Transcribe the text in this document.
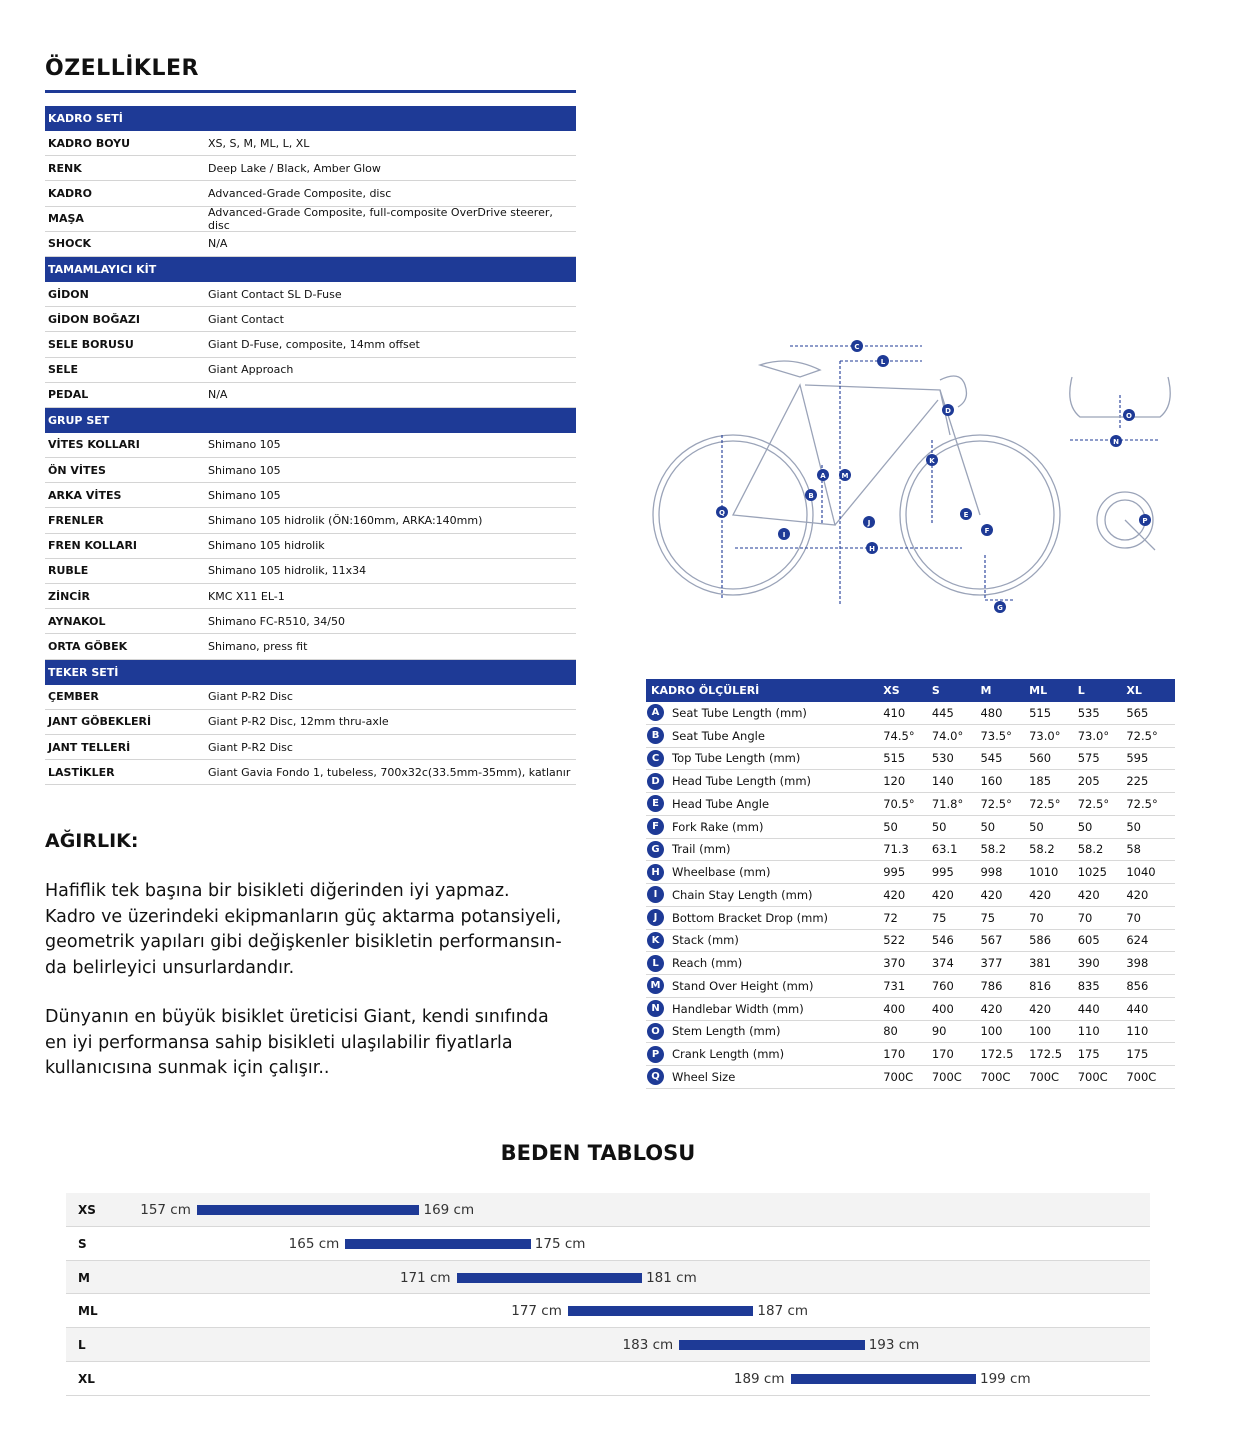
ÖZELLİKLER
KADRO SETİ
KADRO BOYU	XS, S, M, ML, L, XL
RENK	Deep Lake / Black, Amber Glow
KADRO	Advanced-Grade Composite, disc
MAŞA	Advanced-Grade Composite, full-composite OverDrive steerer, disc
SHOCK	N/A
TAMAMLAYICI KİT
GİDON	Giant Contact SL D-Fuse
GİDON BOĞAZI	Giant Contact
SELE BORUSU	Giant D-Fuse, composite, 14mm offset
SELE	Giant Approach
PEDAL	N/A
GRUP SET
VİTES KOLLARI	Shimano 105
ÖN VİTES	Shimano 105
ARKA VİTES	Shimano 105
FRENLER	Shimano 105 hidrolik (ÖN:160mm, ARKA:140mm)
FREN KOLLARI	Shimano 105 hidrolik
RUBLE	Shimano 105 hidrolik, 11x34
ZİNCİR	KMC X11 EL-1
AYNAKOL	Shimano FC-R510, 34/50
ORTA GÖBEK	Shimano, press fit
TEKER SETİ
ÇEMBER	Giant P-R2 Disc
JANT GÖBEKLERİ	Giant P-R2 Disc, 12mm thru-axle
JANT TELLERİ	Giant P-R2 Disc
LASTİKLER	Giant Gavia Fondo 1, tubeless, 700x32c(33.5mm-35mm), katlanır
AĞIRLIK:
Hafiflik tek başına bir bisikleti diğerinden iyi yapmaz.
Kadro ve üzerindeki ekipmanların güç aktarma potansiyeli,
geometrik yapıları gibi değişkenler bisikletin performansın-
da belirleyici unsurlardandır.
Dünyanın en büyük bisiklet üreticisi Giant, kendi sınıfında
en iyi performansa sahip bisikleti ulaşılabilir fiyatlarla
kullanıcısına sunmak için çalışır..
C
L
D
O
N
A M
K
B
Q
J
E
F
I
H
G
P
KADRO ÖLÇÜLERİ	XS	S	M	ML	L	XL
A	Seat Tube Length (mm)	410	445	480	515	535	565
B	Seat Tube Angle	74.5°	74.0°	73.5°	73.0°	73.0°	72.5°
C	Top Tube Length (mm)	515	530	545	560	575	595
D	Head Tube Length (mm)	120	140	160	185	205	225
E	Head Tube Angle	70.5°	71.8°	72.5°	72.5°	72.5°	72.5°
F	Fork Rake (mm)	50	50	50	50	50	50
G	Trail (mm)	71.3	63.1	58.2	58.2	58.2	58
H	Wheelbase (mm)	995	995	998	1010	1025	1040
I	Chain Stay Length (mm)	420	420	420	420	420	420
J	Bottom Bracket Drop (mm)	72	75	75	70	70	70
K	Stack (mm)	522	546	567	586	605	624
L	Reach (mm)	370	374	377	381	390	398
M	Stand Over Height (mm)	731	760	786	816	835	856
N	Handlebar Width (mm)	400	400	420	420	440	440
O	Stem Length (mm)	80	90	100	100	110	110
P	Crank Length (mm)	170	170	172.5	172.5	175	175
Q	Wheel Size	700C	700C	700C	700C	700C	700C
BEDEN TABLOSU
XS	157 cm	169 cm
S	165 cm	175 cm
M	171 cm	181 cm
ML	177 cm	187 cm
L	183 cm	193 cm
XL	189 cm	199 cm
